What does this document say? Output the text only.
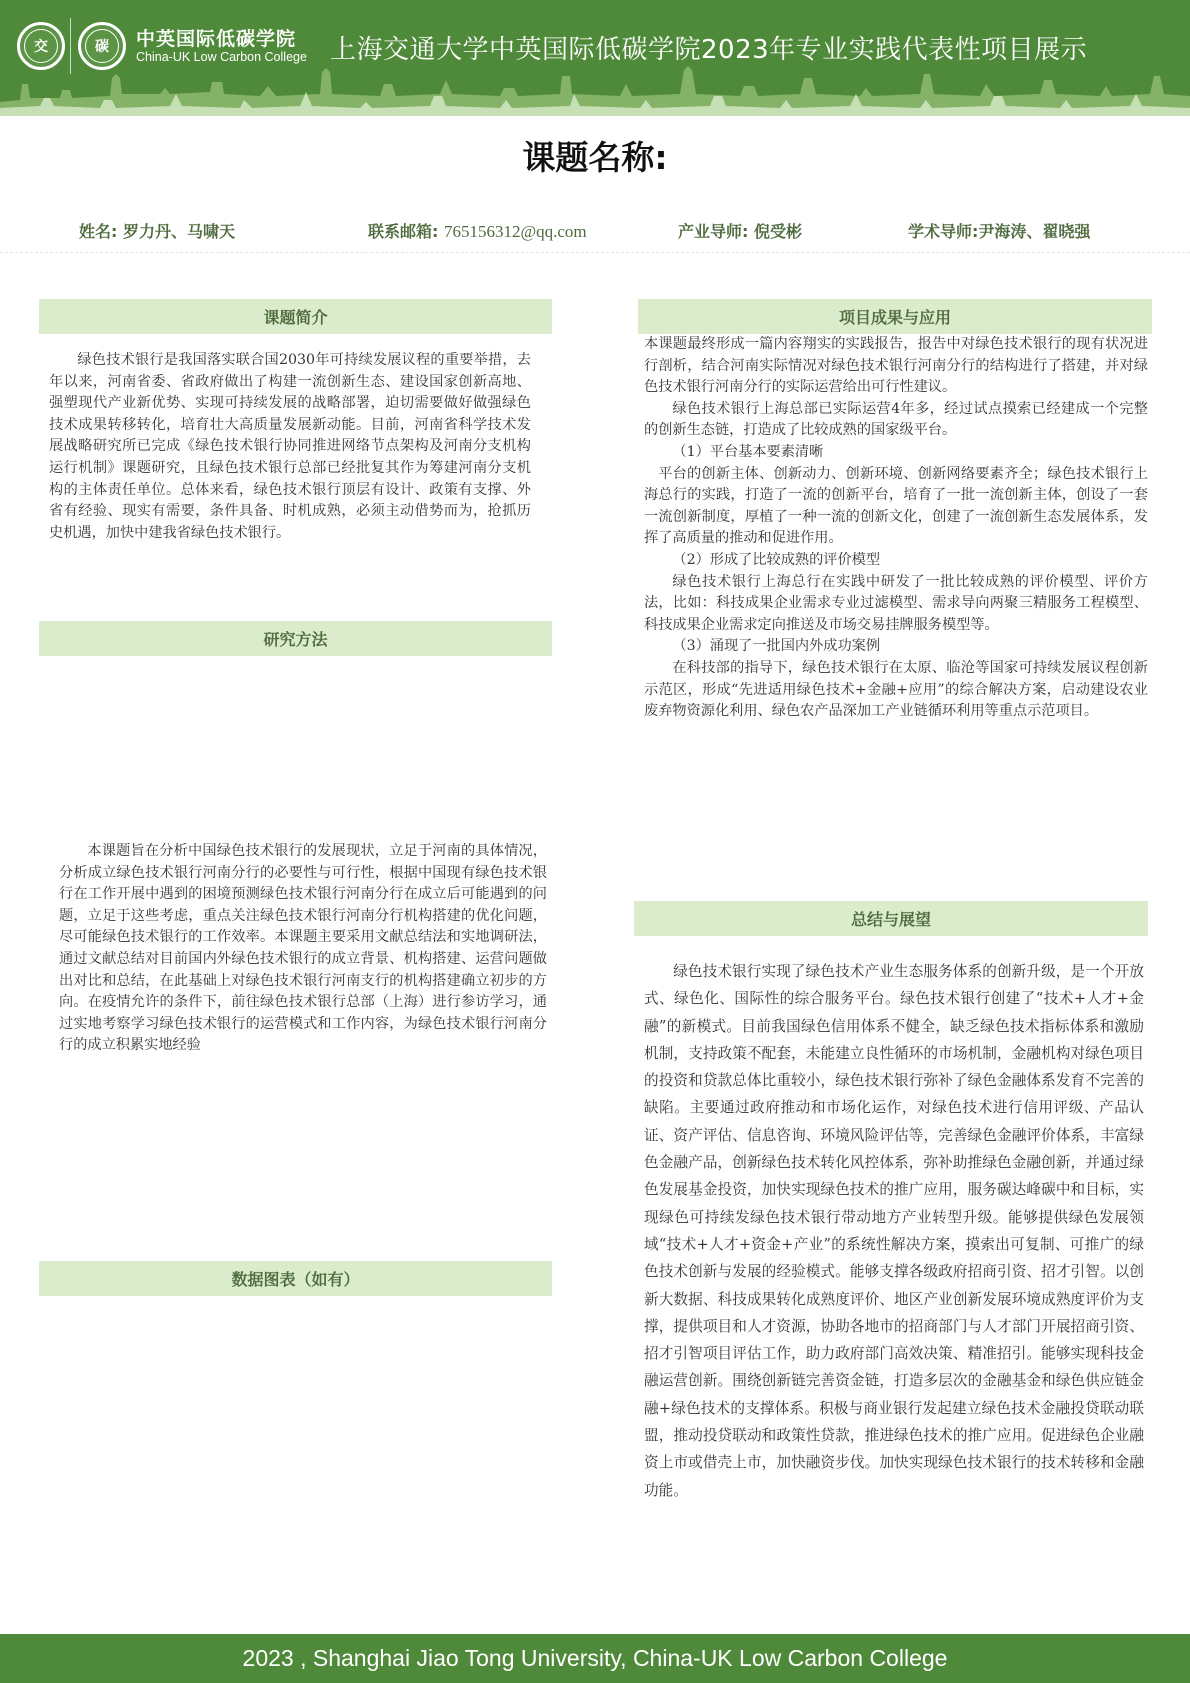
交	碳 中英国际低碳学院
China-UK Low Carbon College 上海交通大学中英国际低碳学院2023年专业实践代表性项目展示
课题名称:
姓名: 罗力丹、马啸天	联系邮箱: 765156312@qq.com	产业导师: 倪受彬	学术导师:尹海涛、翟晓强
课题简介

绿色技术银行是我国落实联合国2030年可持续发展议程的重要举措，去年以来，河南省委、省政府做出了构建一流创新生态、建设国家创新高地、强塑现代产业新优势、实现可持续发展的战略部署，迫切需要做好做强绿色技术成果转移转化，培育壮大高质量发展新动能。目前，河南省科学技术发展战略研究所已完成《绿色技术银行协同推进网络节点架构及河南分支机构运行机制》课题研究，且绿色技术银行总部已经批复其作为筹建河南分支机构的主体责任单位。总体来看，绿色技术银行顶层有设计、政策有支撑、外省有经验、现实有需要，条件具备、时机成熟，必须主动借势而为，抢抓历史机遇，加快中建我省绿色技术银行。

研究方法

本课题旨在分析中国绿色技术银行的发展现状，立足于河南的具体情况，分析成立绿色技术银行河南分行的必要性与可行性，根据中国现有绿色技术银行在工作开展中遇到的困境预测绿色技术银行河南分行在成立后可能遇到的问题，立足于这些考虑，重点关注绿色技术银行河南分行机构搭建的优化问题，尽可能绿色技术银行的工作效率。本课题主要采用文献总结法和实地调研法，通过文献总结对目前国内外绿色技术银行的成立背景、机构搭建、运营问题做出对比和总结，在此基础上对绿色技术银行河南支行的机构搭建确立初步的方向。在疫情允许的条件下，前往绿色技术银行总部（上海）进行参访学习，通过实地考察学习绿色技术银行的运营模式和工作内容，为绿色技术银行河南分行的成立积累实地经验

数据图表（如有）
项目成果与应用

本课题最终形成一篇内容翔实的实践报告，报告中对绿色技术银行的现有状况进行剖析，结合河南实际情况对绿色技术银行河南分行的结构进行了搭建，并对绿色技术银行河南分行的实际运营给出可行性建议。

绿色技术银行上海总部已实际运营4年多，经过试点摸索已经建成一个完整的创新生态链，打造成了比较成熟的国家级平台。

（1）平台基本要素清晰

平台的创新主体、创新动力、创新环境、创新网络要素齐全；绿色技术银行上海总行的实践，打造了一流的创新平台，培育了一批一流创新主体，创设了一套一流创新制度，厚植了一种一流的创新文化，创建了一流创新生态发展体系，发挥了高质量的推动和促进作用。

（2）形成了比较成熟的评价模型

绿色技术银行上海总行在实践中研发了一批比较成熟的评价模型、评价方法，比如：科技成果企业需求专业过滤模型、需求导向两聚三精服务工程模型、科技成果企业需求定向推送及市场交易挂牌服务模型等。

（3）涌现了一批国内外成功案例

在科技部的指导下，绿色技术银行在太原、临沧等国家可持续发展议程创新示范区，形成“先进适用绿色技术+金融+应用”的综合解决方案，启动建设农业废弃物资源化利用、绿色农产品深加工产业链循环利用等重点示范项目。

总结与展望

绿色技术银行实现了绿色技术产业生态服务体系的创新升级，是一个开放式、绿色化、国际性的综合服务平台。绿色技术银行创建了“技术+人才+金融”的新模式。目前我国绿色信用体系不健全，缺乏绿色技术指标体系和激励机制，支持政策不配套，未能建立良性循环的市场机制，金融机构对绿色项目的投资和贷款总体比重较小，绿色技术银行弥补了绿色金融体系发育不完善的缺陷。主要通过政府推动和市场化运作，对绿色技术进行信用评级、产品认证、资产评估、信息咨询、环境风险评估等，完善绿色金融评价体系，丰富绿色金融产品，创新绿色技术转化风控体系，弥补助推绿色金融创新，并通过绿色发展基金投资，加快实现绿色技术的推广应用，服务碳达峰碳中和目标，实现绿色可持续发绿色技术银行带动地方产业转型升级。能够提供绿色发展领域“技术+人才+资金+产业”的系统性解决方案，摸索出可复制、可推广的绿色技术创新与发展的经验模式。能够支撑各级政府招商引资、招才引智。以创新大数据、科技成果转化成熟度评价、地区产业创新发展环境成熟度评价为支撑，提供项目和人才资源，协助各地市的招商部门与人才部门开展招商引资、招才引智项目评估工作，助力政府部门高效决策、精准招引。能够实现科技金融运营创新。围绕创新链完善资金链，打造多层次的金融基金和绿色供应链金融+绿色技术的支撑体系。积极与商业银行发起建立绿色技术金融投贷联动联盟，推动投贷联动和政策性贷款，推进绿色技术的推广应用。促进绿色企业融资上市或借壳上市，加快融资步伐。加快实现绿色技术银行的技术转移和金融功能。

2023 , Shanghai Jiao Tong University, China-UK Low Carbon College
